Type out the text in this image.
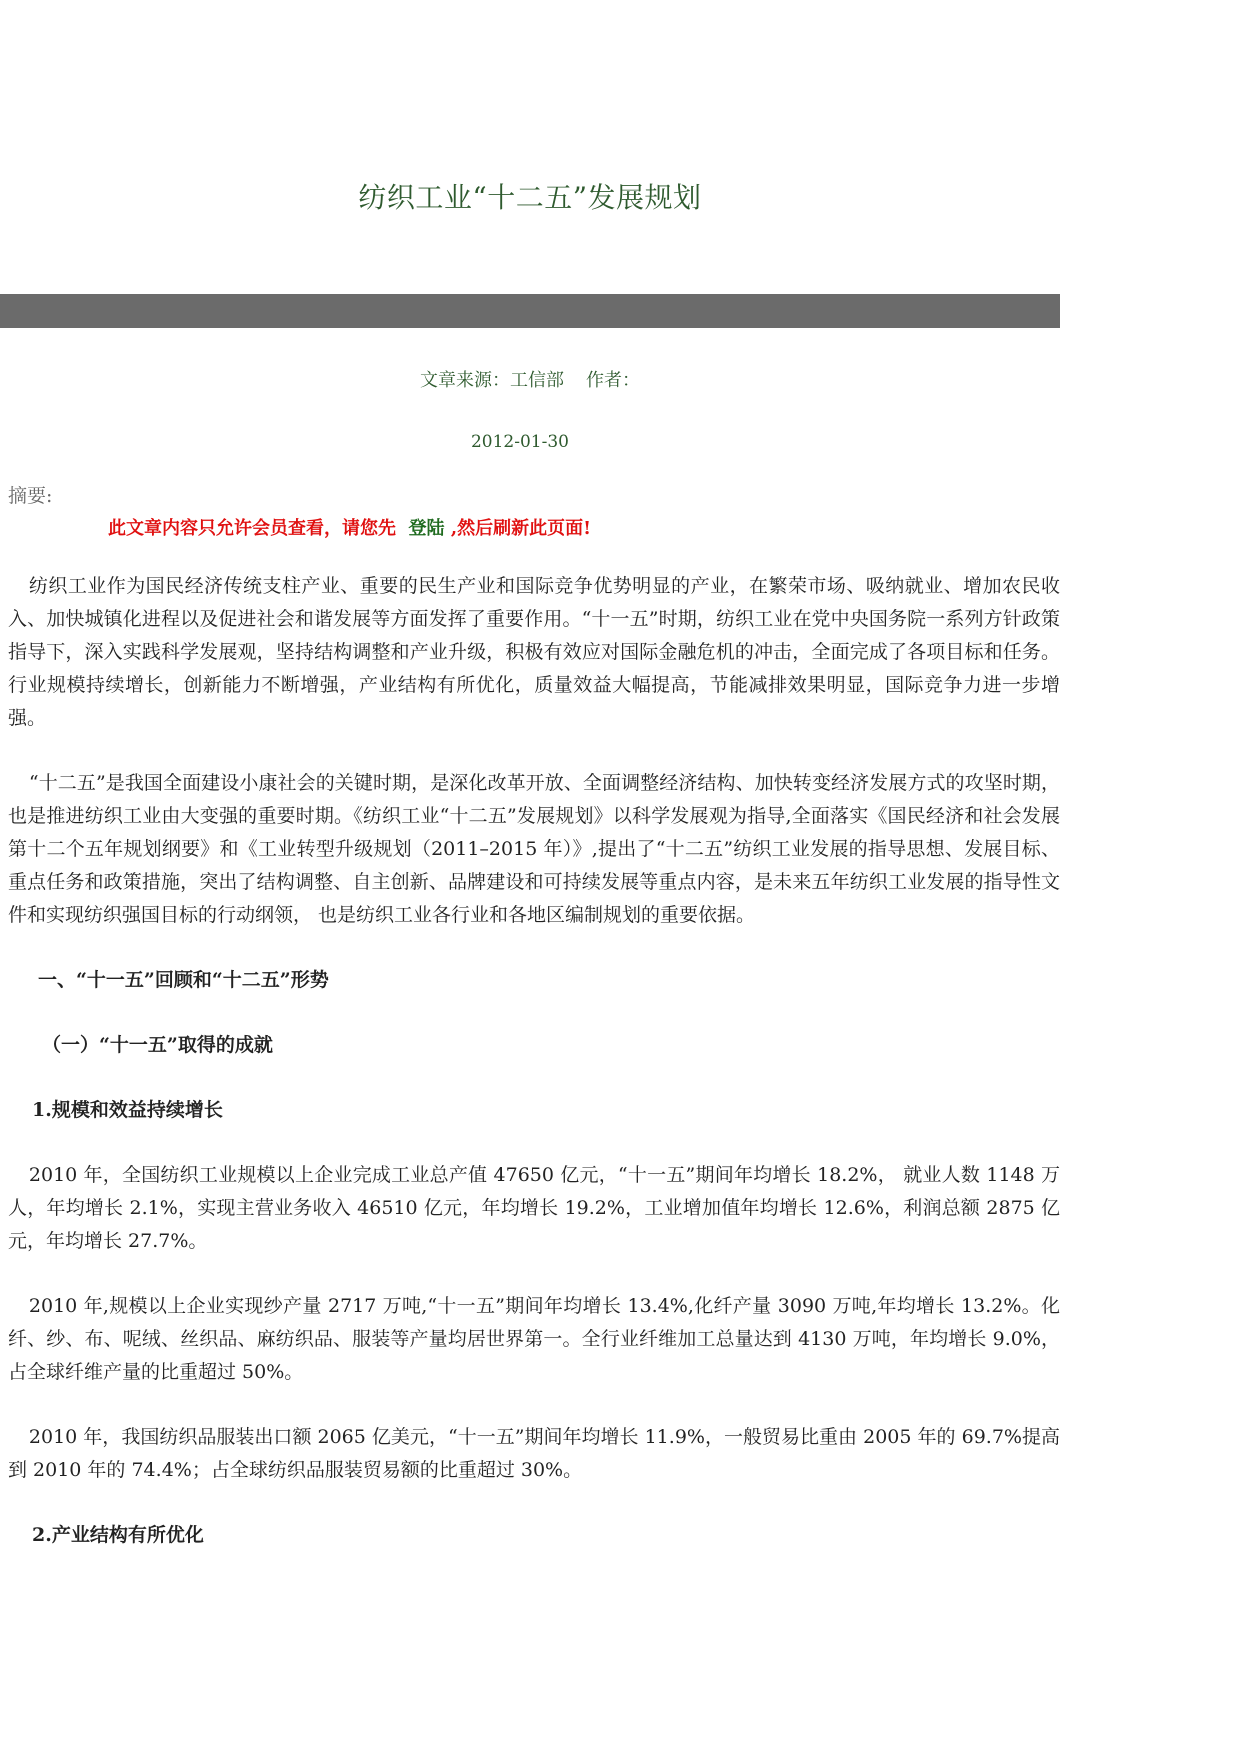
纺织工业“十二五”发展规划
文章来源：工信部 作者：
2012-01-30
摘要:
此文章内容只允许会员查看，请您先 登陆 ,然后刷新此页面!

纺织工业作为国民经济传统支柱产业、重要的民生产业和国际竞争优势明显的产业，在繁荣市场、吸纳就业、增加农民收入、加快城镇化进程以及促进社会和谐发展等方面发挥了重要作用。“十一五”时期，纺织工业在党中央国务院一系列方针政策指导下，深入实践科学发展观，坚持结构调整和产业升级，积极有效应对国际金融危机的冲击，全面完成了各项目标和任务。行业规模持续增长，创新能力不断增强，产业结构有所优化，质量效益大幅提高，节能减排效果明显，国际竞争力进一步增强。

“十二五”是我国全面建设小康社会的关键时期，是深化改革开放、全面调整经济结构、加快转变经济发展方式的攻坚时期，也是推进纺织工业由大变强的重要时期。《纺织工业“十二五”发展规划》以科学发展观为指导,全面落实《国民经济和社会发展第十二个五年规划纲要》和《工业转型升级规划（2011–2015 年）》,提出了“十二五”纺织工业发展的指导思想、发展目标、重点任务和政策措施，突出了结构调整、自主创新、品牌建设和可持续发展等重点内容，是未来五年纺织工业发展的指导性文件和实现纺织强国目标的行动纲领， 也是纺织工业各行业和各地区编制规划的重要依据。

一、“十一五”回顾和“十二五”形势
（一）“十一五”取得的成就
1.规模和效益持续增长

2010 年，全国纺织工业规模以上企业完成工业总产值 47650 亿元，“十一五”期间年均增长 18.2%， 就业人数 1148 万人，年均增长 2.1%，实现主营业务收入 46510 亿元，年均增长 19.2%，工业增加值年均增长 12.6%，利润总额 2875 亿元，年均增长 27.7%。

2010 年,规模以上企业实现纱产量 2717 万吨,“十一五”期间年均增长 13.4%,化纤产量 3090 万吨,年均增长 13.2%。化纤、纱、布、呢绒、丝织品、麻纺织品、服装等产量均居世界第一。全行业纤维加工总量达到 4130 万吨，年均增长 9.0%，占全球纤维产量的比重超过 50%。

2010 年，我国纺织品服装出口额 2065 亿美元，“十一五”期间年均增长 11.9%，一般贸易比重由 2005 年的 69.7%提高到 2010 年的 74.4%；占全球纺织品服装贸易额的比重超过 30%。

2.产业结构有所优化
